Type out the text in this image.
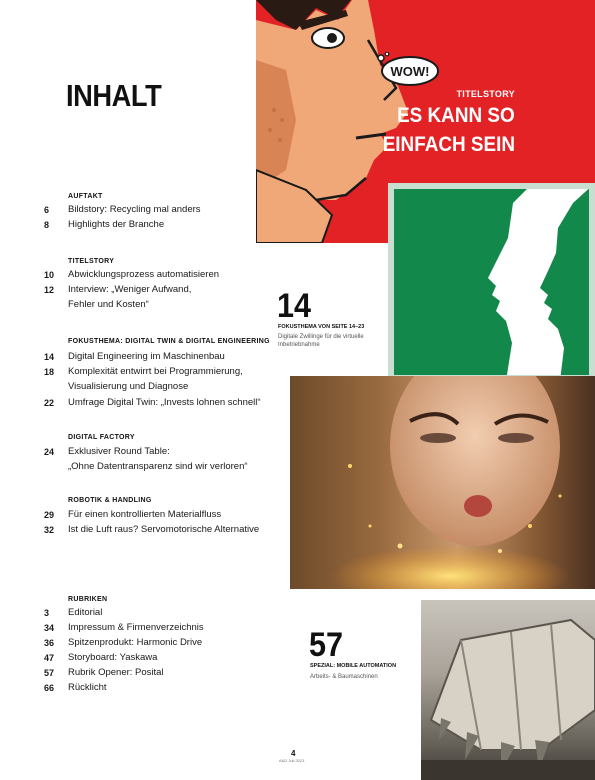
INHALT
AUFTAKT
6	Bildstory: Recycling mal anders
8	Highlights der Branche
TITELSTORY
10	Abwicklungsprozess automatisieren
12	Interview: „Weniger Aufwand,
Fehler und Kosten“
FOKUSTHEMA: DIGITAL TWIN & DIGITAL ENGINEERING
14	Digital Engineering im Maschinenbau
18	Komplexität entwirrt bei Programmierung,
Visualisierung und Diagnose
22	Umfrage Digital Twin: „Invests lohnen schnell“
DIGITAL FACTORY
24	Exklusiver Round Table:
„Ohne Datentransparenz sind wir verloren“
ROBOTIK & HANDLING
29	Für einen kontrollierten Materialfluss
32	Ist die Luft raus? Servomotorische Alternative
RUBRIKEN
3	Editorial
34	Impressum & Firmenverzeichnis
36	Spitzenprodukt: Harmonic Drive
47	Storyboard: Yaskawa
57	Rubrik Opener: Posital
66	Rücklicht
TITELSTORY
ES KANN SO
EINFACH SEIN
WOW!
14
FOKUSTHEMA VON SEITE 14–23
Digitale Zwillinge für die virtuelle
Inbetriebnahme
57
SPEZIAL: MOBILE AUTOMATION
Arbeits- & Baumaschinen
4
A&D Juli 2023
